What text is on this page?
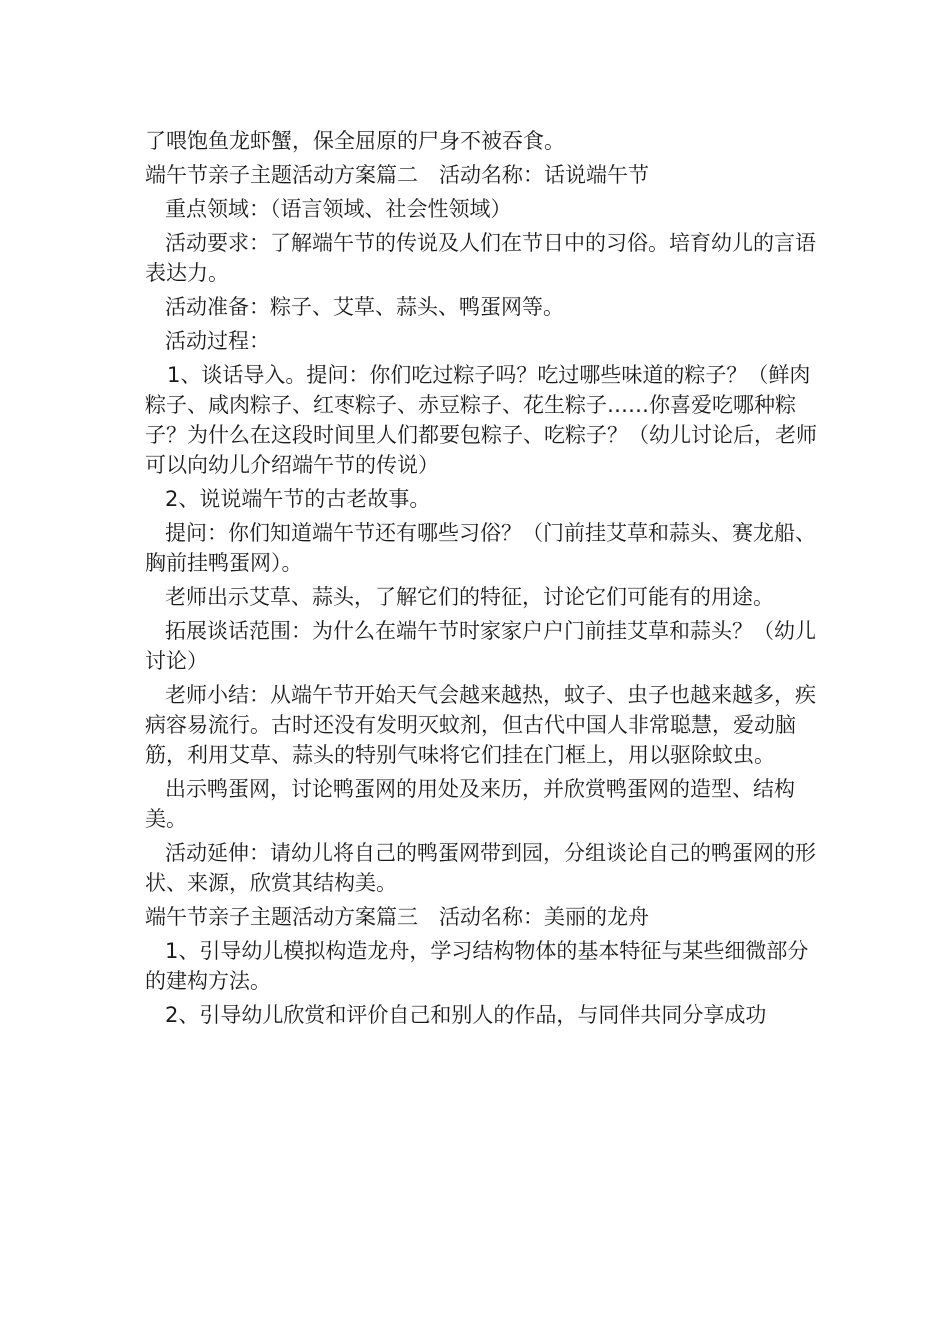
了喂饱鱼龙虾蟹，保全屈原的尸身不被吞食。

端午节亲子主题活动方案篇二　活动名称：话说端午节

重点领域：（语言领域、社会性领域）

活动要求：了解端午节的传说及人们在节日中的习俗。培育幼儿的言语表达力。

活动准备：粽子、艾草、蒜头、鸭蛋网等。

活动过程：

1、谈话导入。提问：你们吃过粽子吗？吃过哪些味道的粽子？（鲜肉粽子、咸肉粽子、红枣粽子、赤豆粽子、花生粽子……你喜爱吃哪种粽子？为什么在这段时间里人们都要包粽子、吃粽子？（幼儿讨论后，老师可以向幼儿介绍端午节的传说）

2、说说端午节的古老故事。

提问：你们知道端午节还有哪些习俗？（门前挂艾草和蒜头、赛龙船、胸前挂鸭蛋网）。

老师出示艾草、蒜头，了解它们的特征，讨论它们可能有的用途。

拓展谈话范围：为什么在端午节时家家户户门前挂艾草和蒜头？（幼儿讨论）

老师小结：从端午节开始天气会越来越热，蚊子、虫子也越来越多，疾病容易流行。古时还没有发明灭蚊剂，但古代中国人非常聪慧，爱动脑筋，利用艾草、蒜头的特别气味将它们挂在门框上，用以驱除蚊虫。

出示鸭蛋网，讨论鸭蛋网的用处及来历，并欣赏鸭蛋网的造型、结构美。

活动延伸：请幼儿将自己的鸭蛋网带到园，分组谈论自己的鸭蛋网的形状、来源，欣赏其结构美。

端午节亲子主题活动方案篇三　活动名称：美丽的龙舟

1、引导幼儿模拟构造龙舟，学习结构物体的基本特征与某些细微部分的建构方法。

2、引导幼儿欣赏和评价自己和别人的作品，与同伴共同分享成功
